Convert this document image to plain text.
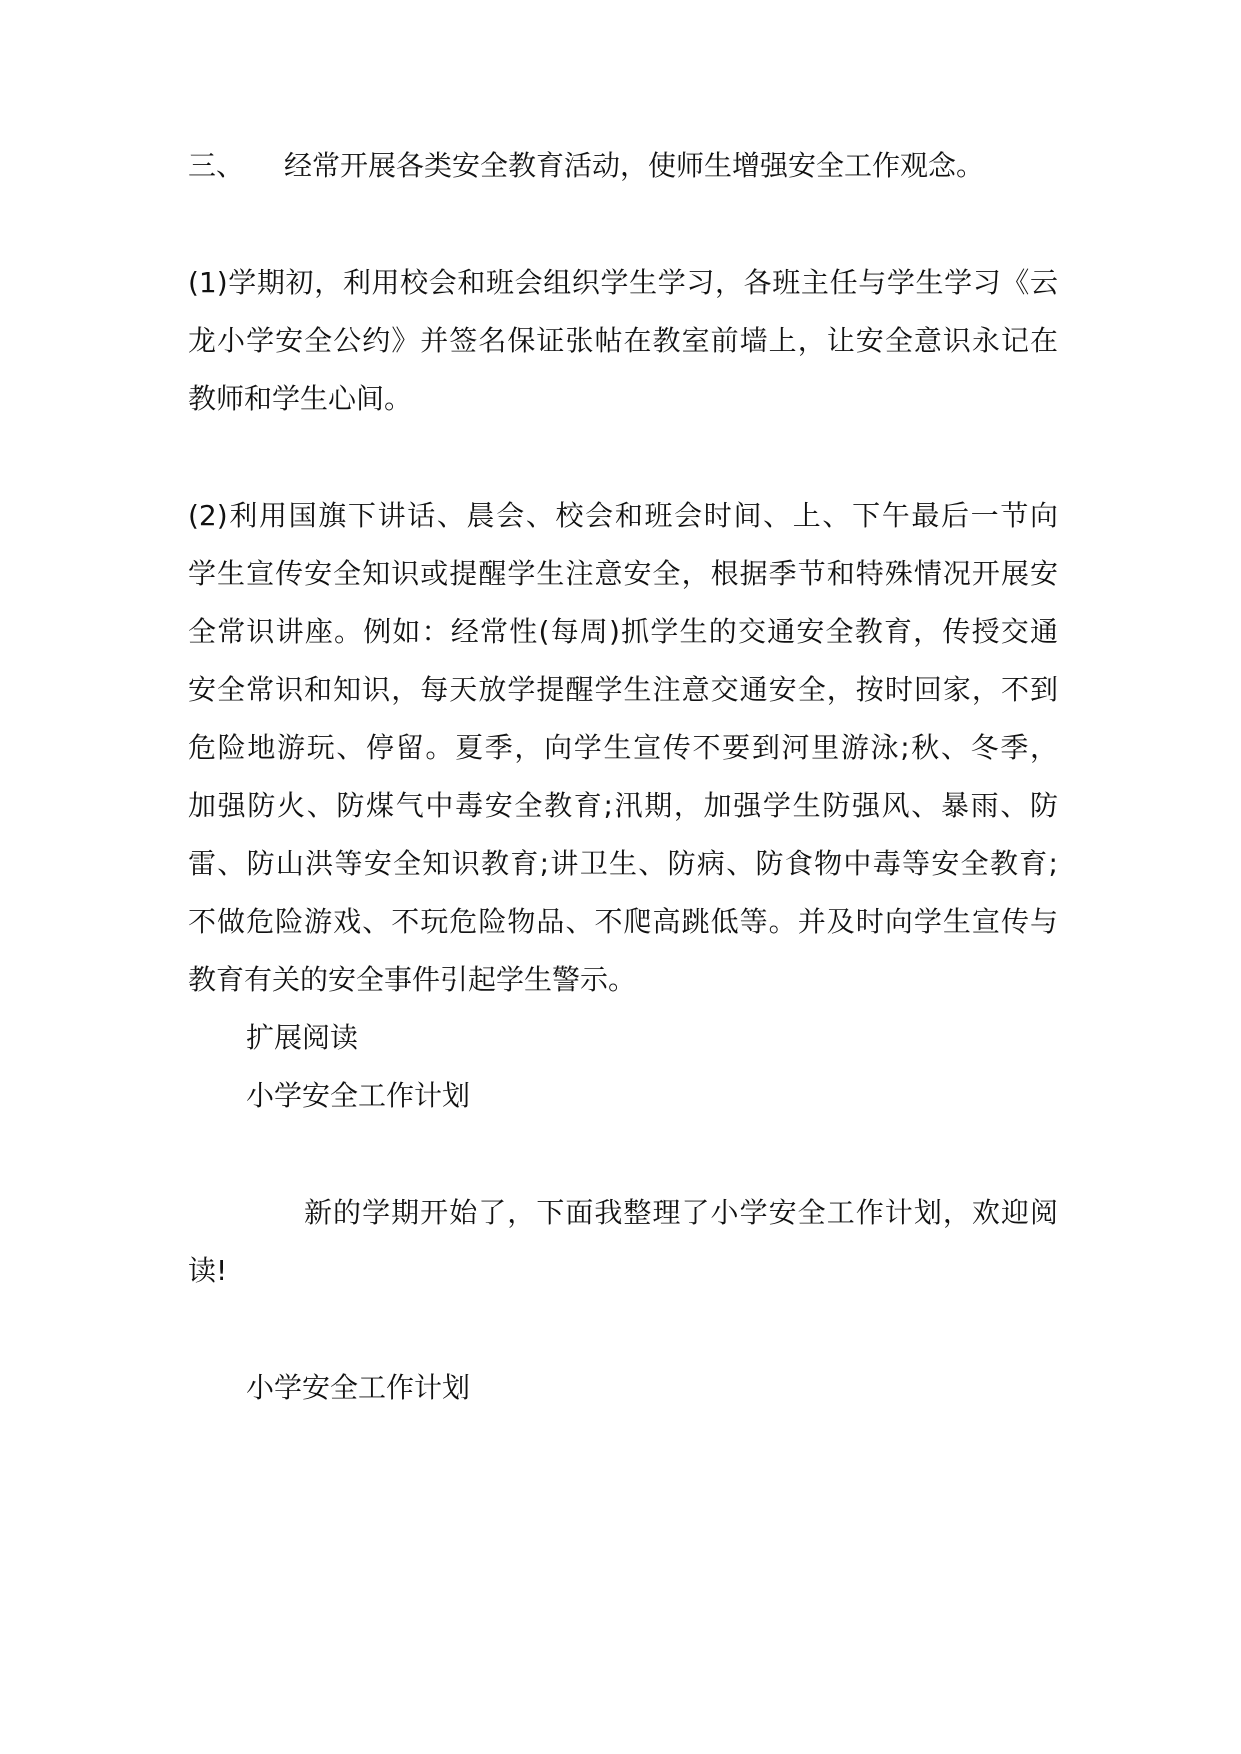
三、 经常开展各类安全教育活动，使师生增强安全工作观念。
(1)学期初，利用校会和班会组织学生学习，各班主任与学生学习《云
龙小学安全公约》并签名保证张帖在教室前墙上，让安全意识永记在
教师和学生心间。
(2)利用国旗下讲话、晨会、校会和班会时间、上、下午最后一节向
学生宣传安全知识或提醒学生注意安全，根据季节和特殊情况开展安
全常识讲座。例如：经常性(每周)抓学生的交通安全教育，传授交通
安全常识和知识，每天放学提醒学生注意交通安全，按时回家，不到
危险地游玩、停留。夏季，向学生宣传不要到河里游泳;秋、冬季，
加强防火、防煤气中毒安全教育;汛期，加强学生防强风、暴雨、防
雷、防山洪等安全知识教育;讲卫生、防病、防食物中毒等安全教育;
不做危险游戏、不玩危险物品、不爬高跳低等。并及时向学生宣传与
教育有关的安全事件引起学生警示。
扩展阅读
小学安全工作计划
新的学期开始了，下面我整理了小学安全工作计划，欢迎阅
读!
小学安全工作计划
